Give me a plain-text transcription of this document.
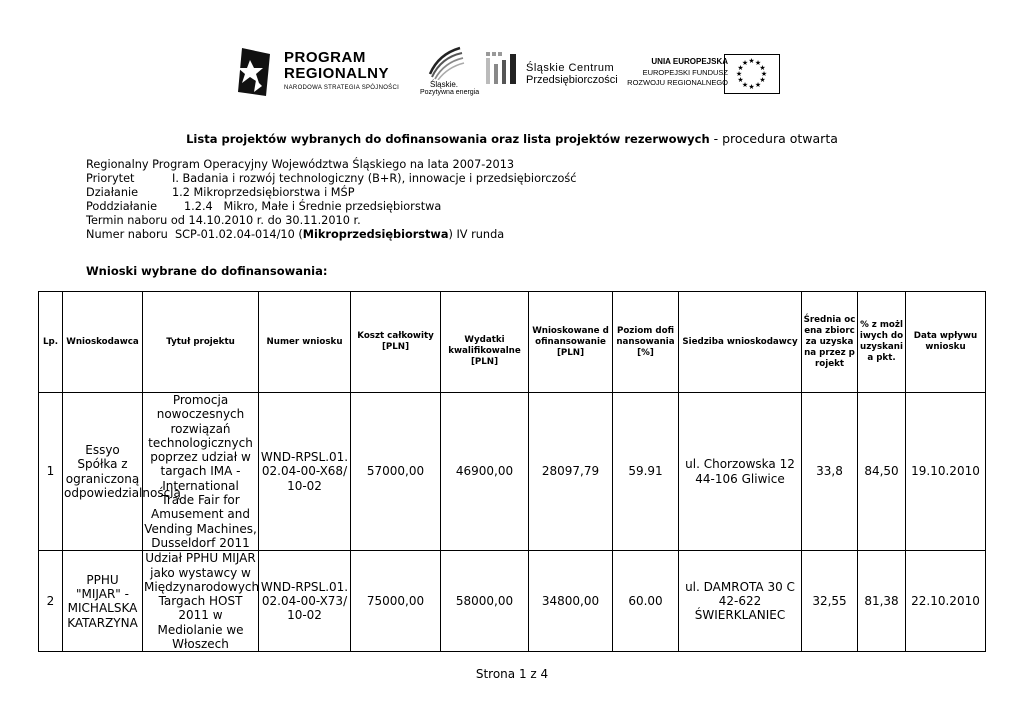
PROGRAM
REGIONALNY
NARODOWA STRATEGIA SPÓJNOŚCI	Śląskie.
Pozytywna energia
Śląskie Centrum
Przedsiębiorczości
UNIA EUROPEJSKA
EUROPEJSKI FUNDUSZ
ROZWOJU REGIONALNEGO
★ ★
★
★
★
★
★
★
★
★
★
★
Lista projektów wybranych do dofinansowania oraz lista projektów rezerwowych - procedura otwarta
Regionalny Program Operacyjny Województwa Śląskiego na lata 2007-2013
Priorytet	I. Badania i rozwój technologiczny (B+R), innowacje i przedsiębiorczość
Działanie	1.2 Mikroprzedsiębiorstwa i MŚP
Poddziałanie 1.2.4   Mikro, Małe i Średnie przedsiębiorstwa
Termin naboru od 14.10.2010 r. do 30.11.2010 r.
Numer naboru  SCP-01.02.04-014/10 (Mikroprzedsiębiorstwa) IV runda
Wnioski wybrane do dofinansowania:
Lp.	Wnioskodawca	Tytuł projektu	Numer wniosku	Koszt całkowity [PLN]	Wydatki kwalifikowalne [PLN]	Wnioskowane dofinansowanie [PLN]	Poziom dofinansowania [%]	Siedziba wnioskodawcy	Średnia ocena zbiorcza uzyskana przez projekt	% z możliwych do uzyskania pkt.	Data wpływu wniosku
1	Essyo Spółka z ograniczoną odpowiedzialnością	Promocja nowoczesnych rozwiązań technologicznych poprzez udział w targach IMA - International Trade Fair for Amusement and Vending Machines, Dusseldorf 2011	WND-RPSL.01.02.04-00-X68/10-02	57000,00	46900,00	28097,79	59.91	ul. Chorzowska 12
44-106 Gliwice	33,8	84,50	19.10.2010
2	PPHU "MIJAR" - MICHALSKA KATARZYNA	Udział PPHU MIJAR jako wystawcy w Międzynarodowych Targach HOST 2011 w Mediolanie we Włoszech	WND-RPSL.01.02.04-00-X73/10-02	75000,00	58000,00	34800,00	60.00	ul. DAMROTA 30 C
42-622 ŚWIERKLANIEC	32,55	81,38	22.10.2010
Strona 1 z 4
